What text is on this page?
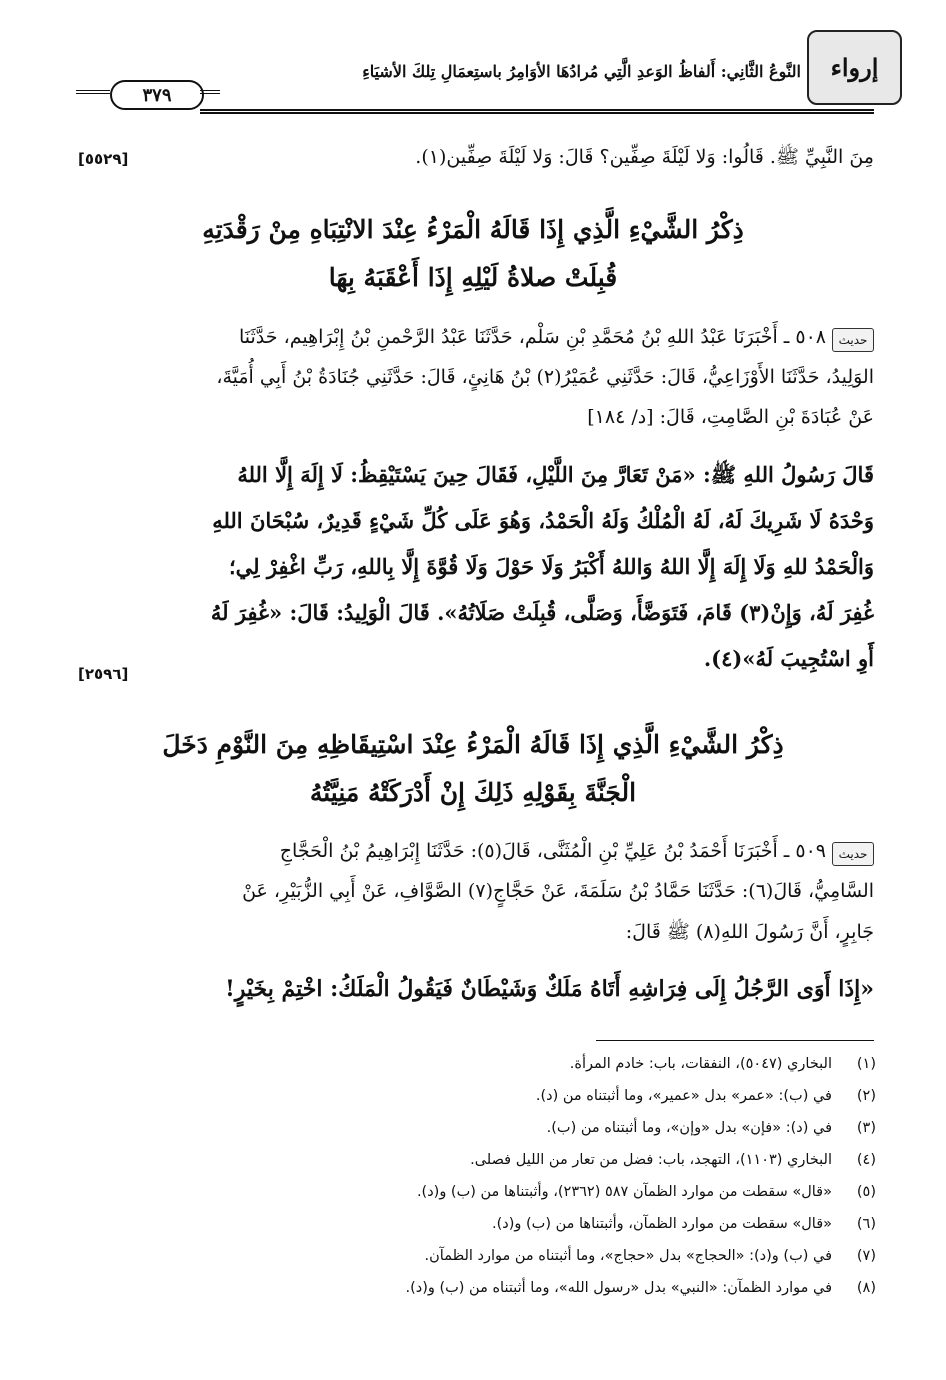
إرواء
النَّوعُ الثَّانِي: أَلفاظُ الوَعدِ الَّتِي مُرادُهَا الأوَامِرُ باستِعمَالِ تِلكَ الأشيَاءِ
٣٧٩
مِنَ النَّبِيِّ ﷺ. قَالُوا: وَلا لَيْلَةَ صِفِّين؟ قَالَ: وَلا لَيْلَةَ صِفِّين(١).
[٥٥٢٩]
ذِكْرُ الشَّيْءِ الَّذِي إِذَا قَالَهُ الْمَرْءُ عِنْدَ الانْتِبَاهِ مِنْ رَقْدَتِهِ
قُبِلَتْ صلاةُ لَيْلِهِ إِذَا أَعْقَبَهُ بِهَا
حديث
٥٠٨ ـ أَخْبَرَنَا عَبْدُ اللهِ بْنُ مُحَمَّدِ بْنِ سَلْم، حَدَّثَنَا عَبْدُ الرَّحْمنِ بْنُ إِبْرَاهِيم، حَدَّثَنَا
الوَلِيدُ، حَدَّثَنَا الأَوْزَاعِيُّ، قَالَ: حَدَّثَنِي عُمَيْرُ(٢) بْنُ هَانِئٍ، قَالَ: حَدَّثَنِي جُنَادَةُ بْنُ أَبِي أُمَيَّةَ،
عَنْ عُبَادَةَ بْنِ الصَّامِتِ، قَالَ: [د/ ١٨٤]
قَالَ رَسُولُ اللهِ ﷺ: «مَنْ تَعَارَّ مِنَ اللَّيْلِ، فَقَالَ حِينَ يَسْتَيْقِظُ: لَا إِلَهَ إِلَّا اللهُ
وَحْدَهُ لَا شَرِيكَ لَهُ، لَهُ الْمُلْكُ وَلَهُ الْحَمْدُ، وَهُوَ عَلَى كُلِّ شَيْءٍ قَدِيرٌ، سُبْحَانَ اللهِ
وَالْحَمْدُ للهِ وَلَا إِلَهَ إِلَّا اللهُ وَاللهُ أَكْبَرُ وَلَا حَوْلَ وَلَا قُوَّةَ إِلَّا بِاللهِ، رَبِّ اغْفِرْ لِي؛
غُفِرَ لَهُ، وَإِنْ(٣) قَامَ، فَتَوَضَّأَ، وَصَلَّى، قُبِلَتْ صَلَاتُهُ». قَالَ الْوَلِيدُ: قَالَ: «غُفِرَ لَهُ
أَوِ اسْتُجِيبَ لَهُ»(٤).
[٢٥٩٦]
ذِكْرُ الشَّيْءِ الَّذِي إِذَا قَالَهُ الْمَرْءُ عِنْدَ اسْتِيقَاظِهِ مِنَ النَّوْمِ دَخَلَ
الْجَنَّةَ بِقَوْلِهِ ذَلِكَ إِنْ أَدْرَكَتْهُ مَنِيَّتُهُ
حديث
٥٠٩ ـ أَخْبَرَنَا أَحْمَدُ بْنُ عَلِيِّ بْنِ الْمُثَنَّى، قَالَ(٥): حَدَّثَنَا إِبْرَاهِيمُ بْنُ الْحَجَّاجِ
السَّامِيُّ، قَالَ(٦): حَدَّثَنَا حَمَّادُ بْنُ سَلَمَةَ، عَنْ حَجَّاجٍ(٧) الصَّوَّافِ، عَنْ أَبِي الزُّبَيْرِ، عَنْ
جَابِرٍ، أَنَّ رَسُولَ اللهِ(٨) ﷺ قَالَ:
«إِذَا أَوَى الرَّجُلُ إِلَى فِرَاشِهِ أَتَاهُ مَلَكٌ وَشَيْطَانٌ فَيَقُولُ الْمَلَكُ: اخْتِمْ بِخَيْرٍ!
(١)البخاري (٥٠٤٧)، النفقات، باب: خادم المرأة.
(٢)في (ب): «عمر» بدل «عمير»، وما أثبتناه من (د).
(٣)في (د): «فإن» بدل «وإن»، وما أثبتناه من (ب).
(٤)البخاري (١١٠٣)، التهجد، باب: فضل من تعار من الليل فصلى.
(٥)«قال» سقطت من موارد الظمآن ٥٨٧ (٢٣٦٢)، وأثبتناها من (ب) و(د).
(٦)«قال» سقطت من موارد الظمآن، وأثبتناها من (ب) و(د).
(٧)في (ب) و(د): «الحجاج» بدل «حجاج»، وما أثبتناه من موارد الظمآن.
(٨)في موارد الظمآن: «النبي» بدل «رسول الله»، وما أثبتناه من (ب) و(د).
